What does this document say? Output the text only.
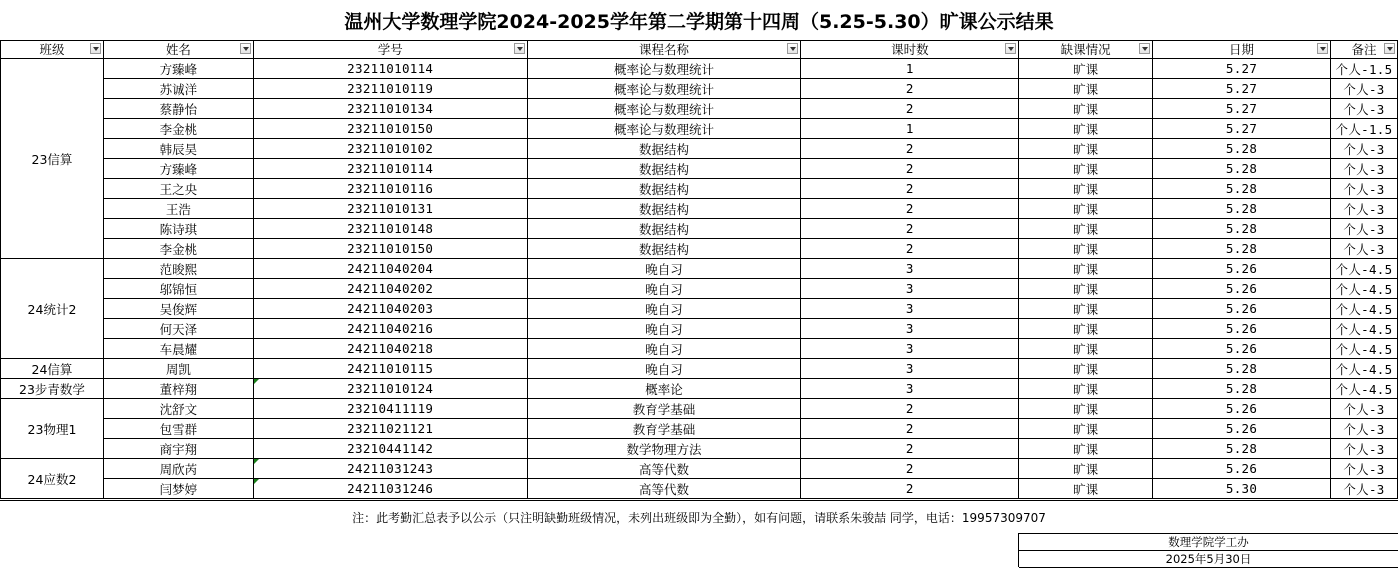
温州大学数理学院2024-2025学年第二学期第十四周（5.25-5.30）旷课公示结果
班级	姓名	学号	课程名称	课时数	缺课情况	日期	备注

23信算	方臻峰	23211010114	概率论与数理统计	1	旷课	5.27	个人-1.5
	苏诚洋	23211010119	概率论与数理统计	2	旷课	5.27	个人-3
	蔡静怡	23211010134	概率论与数理统计	2	旷课	5.27	个人-3
	李金桃	23211010150	概率论与数理统计	1	旷课	5.27	个人-1.5
	韩辰昊	23211010102	数据结构	2	旷课	5.28	个人-3
	方臻峰	23211010114	数据结构	2	旷课	5.28	个人-3
	王之央	23211010116	数据结构	2	旷课	5.28	个人-3
	王浩	23211010131	数据结构	2	旷课	5.28	个人-3
	陈诗琪	23211010148	数据结构	2	旷课	5.28	个人-3
	李金桃	23211010150	数据结构	2	旷课	5.28	个人-3
24统计2	范晙熙	24211040204	晚自习	3	旷课	5.26	个人-4.5
	邬锦恒	24211040202	晚自习	3	旷课	5.26	个人-4.5
	吴俊辉	24211040203	晚自习	3	旷课	5.26	个人-4.5
	何天泽	24211040216	晚自习	3	旷课	5.26	个人-4.5
	车晨耀	24211040218	晚自习	3	旷课	5.26	个人-4.5
24信算	周凯	24211010115	晚自习	3	旷课	5.28	个人-4.5
23步青数学	董梓翔	23211010124	概率论	3	旷课	5.28	个人-4.5
23物理1	沈舒文	23210411119	教育学基础	2	旷课	5.26	个人-3
	包雪群	23211021121	教育学基础	2	旷课	5.26	个人-3
	商宇翔	23210441142	数学物理方法	2	旷课	5.28	个人-3
24应数2	周欣芮	24211031243	高等代数	2	旷课	5.26	个人-3
	闫梦婷	24211031246	高等代数	2	旷课	5.30	个人-3
注：此考勤汇总表予以公示（只注明缺勤班级情况，未列出班级即为全勤），如有问题，请联系朱骏喆 同学，电话：19957309707
数理学院学工办
2025年5月30日
